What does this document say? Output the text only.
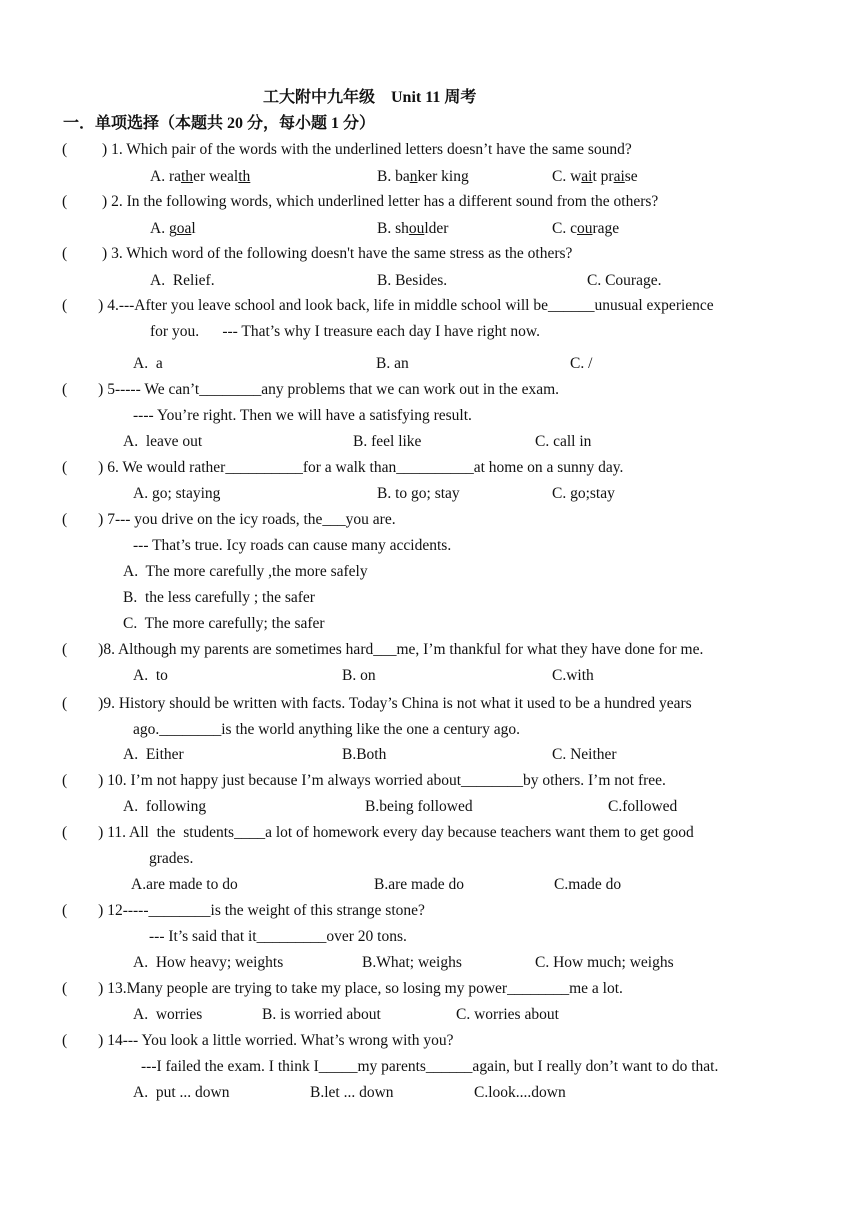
工大附中九年级    Unit 11 周考
一．单项选择（本题共 20 分，每小题 1 分）
(         ) 1. Which pair of the words with the underlined letters doesn’t have the same sound?
A. rather wealth	B. banker king	C. wait praise
(         ) 2. In the following words, which underlined letter has a different sound from the others?
A. goal	B. shoulder	C. courage
(         ) 3. Which word of the following doesn't have the same stress as the others?
A.  Relief.	B. Besides.	C. Courage.
(        ) 4.---After you leave school and look back, life in middle school will be______unusual experience
for you.      --- That’s why I treasure each day I have right now.
A.  a	B. an	C. /
(        ) 5----- We can’t________any problems that we can work out in the exam.
---- You’re right. Then we will have a satisfying result.
A.  leave out	B. feel like	C. call in
(        ) 6. We would rather__________for a walk than__________at home on a sunny day.
A. go; staying	B. to go; stay	C. go;stay
(        ) 7--- you drive on the icy roads, the___you are.
--- That’s true. Icy roads can cause many accidents.
A.  The more carefully ,the more safely
B.  the less carefully ; the safer
C.  The more carefully; the safer
(        )8. Although my parents are sometimes hard___me, I’m thankful for what they have done for me.
A.  to	B. on	C.with
(        )9. History should be written with facts. Today’s China is not what it used to be a hundred years
ago.________is the world anything like the one a century ago.
A.  Either	B.Both	C. Neither
(        ) 10. I’m not happy just because I’m always worried about________by others. I’m not free.
A.  following	B.being followed	C.followed
(        ) 11. All  the  students____a lot of homework every day because teachers want them to get good
grades.
A.are made to do	B.are made do	C.made do
(        ) 12-----________is the weight of this strange stone?
--- It’s said that it_________over 20 tons.
A.  How heavy; weights	B.What; weighs	C. How much; weighs
(        ) 13.Many people are trying to take my place, so losing my power________me a lot.
A.  worries	B. is worried about	C. worries about
(        ) 14--- You look a little worried. What’s wrong with you?
---I failed the exam. I think I_____my parents______again, but I really don’t want to do that.
A.  put ... down	B.let ... down	C.look....down
